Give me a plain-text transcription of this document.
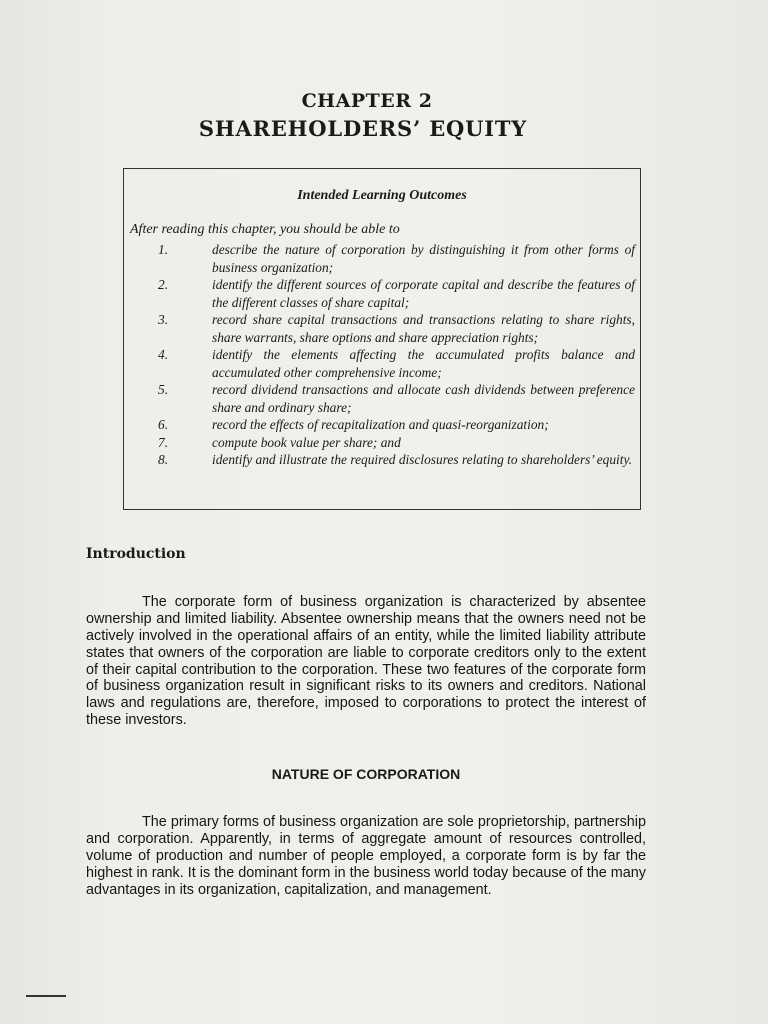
CHAPTER 2
SHAREHOLDERS’ EQUITY
Intended Learning Outcomes
After reading this chapter, you should be able to
1.	describe the nature of corporation by distinguishing it from other forms of business organization;
2.	identify the different sources of corporate capital and describe the features of the different classes of share capital;
3.	record share capital transactions and transactions relating to share rights, share warrants, share options and share appreciation rights;
4.	identify the elements affecting the accumulated profits balance and accumulated other comprehensive income;
5.	record dividend transactions and allocate cash dividends between preference share and ordinary share;
6.	record the effects of recapitalization and quasi-reorganization;
7.	compute book value per share; and
8.	identify and illustrate the required disclosures relating to shareholders’ equity.
Introduction

The corporate form of business organization is characterized by absentee ownership and limited liability. Absentee ownership means that the owners need not be actively involved in the operational affairs of an entity, while the limited liability attribute states that owners of the corporation are liable to corporate creditors only to the extent of their capital contribution to the corporation. These two features of the corporate form of business organization result in significant risks to its owners and creditors. National laws and regulations are, therefore, imposed to corporations to protect the interest of these investors.

NATURE OF CORPORATION

The primary forms of business organization are sole proprietorship, partnership and corporation. Apparently, in terms of aggregate amount of resources controlled, volume of production and number of people employed, a corporate form is by far the highest in rank. It is the dominant form in the business world today because of the many advantages in its organization, capitalization, and management.
